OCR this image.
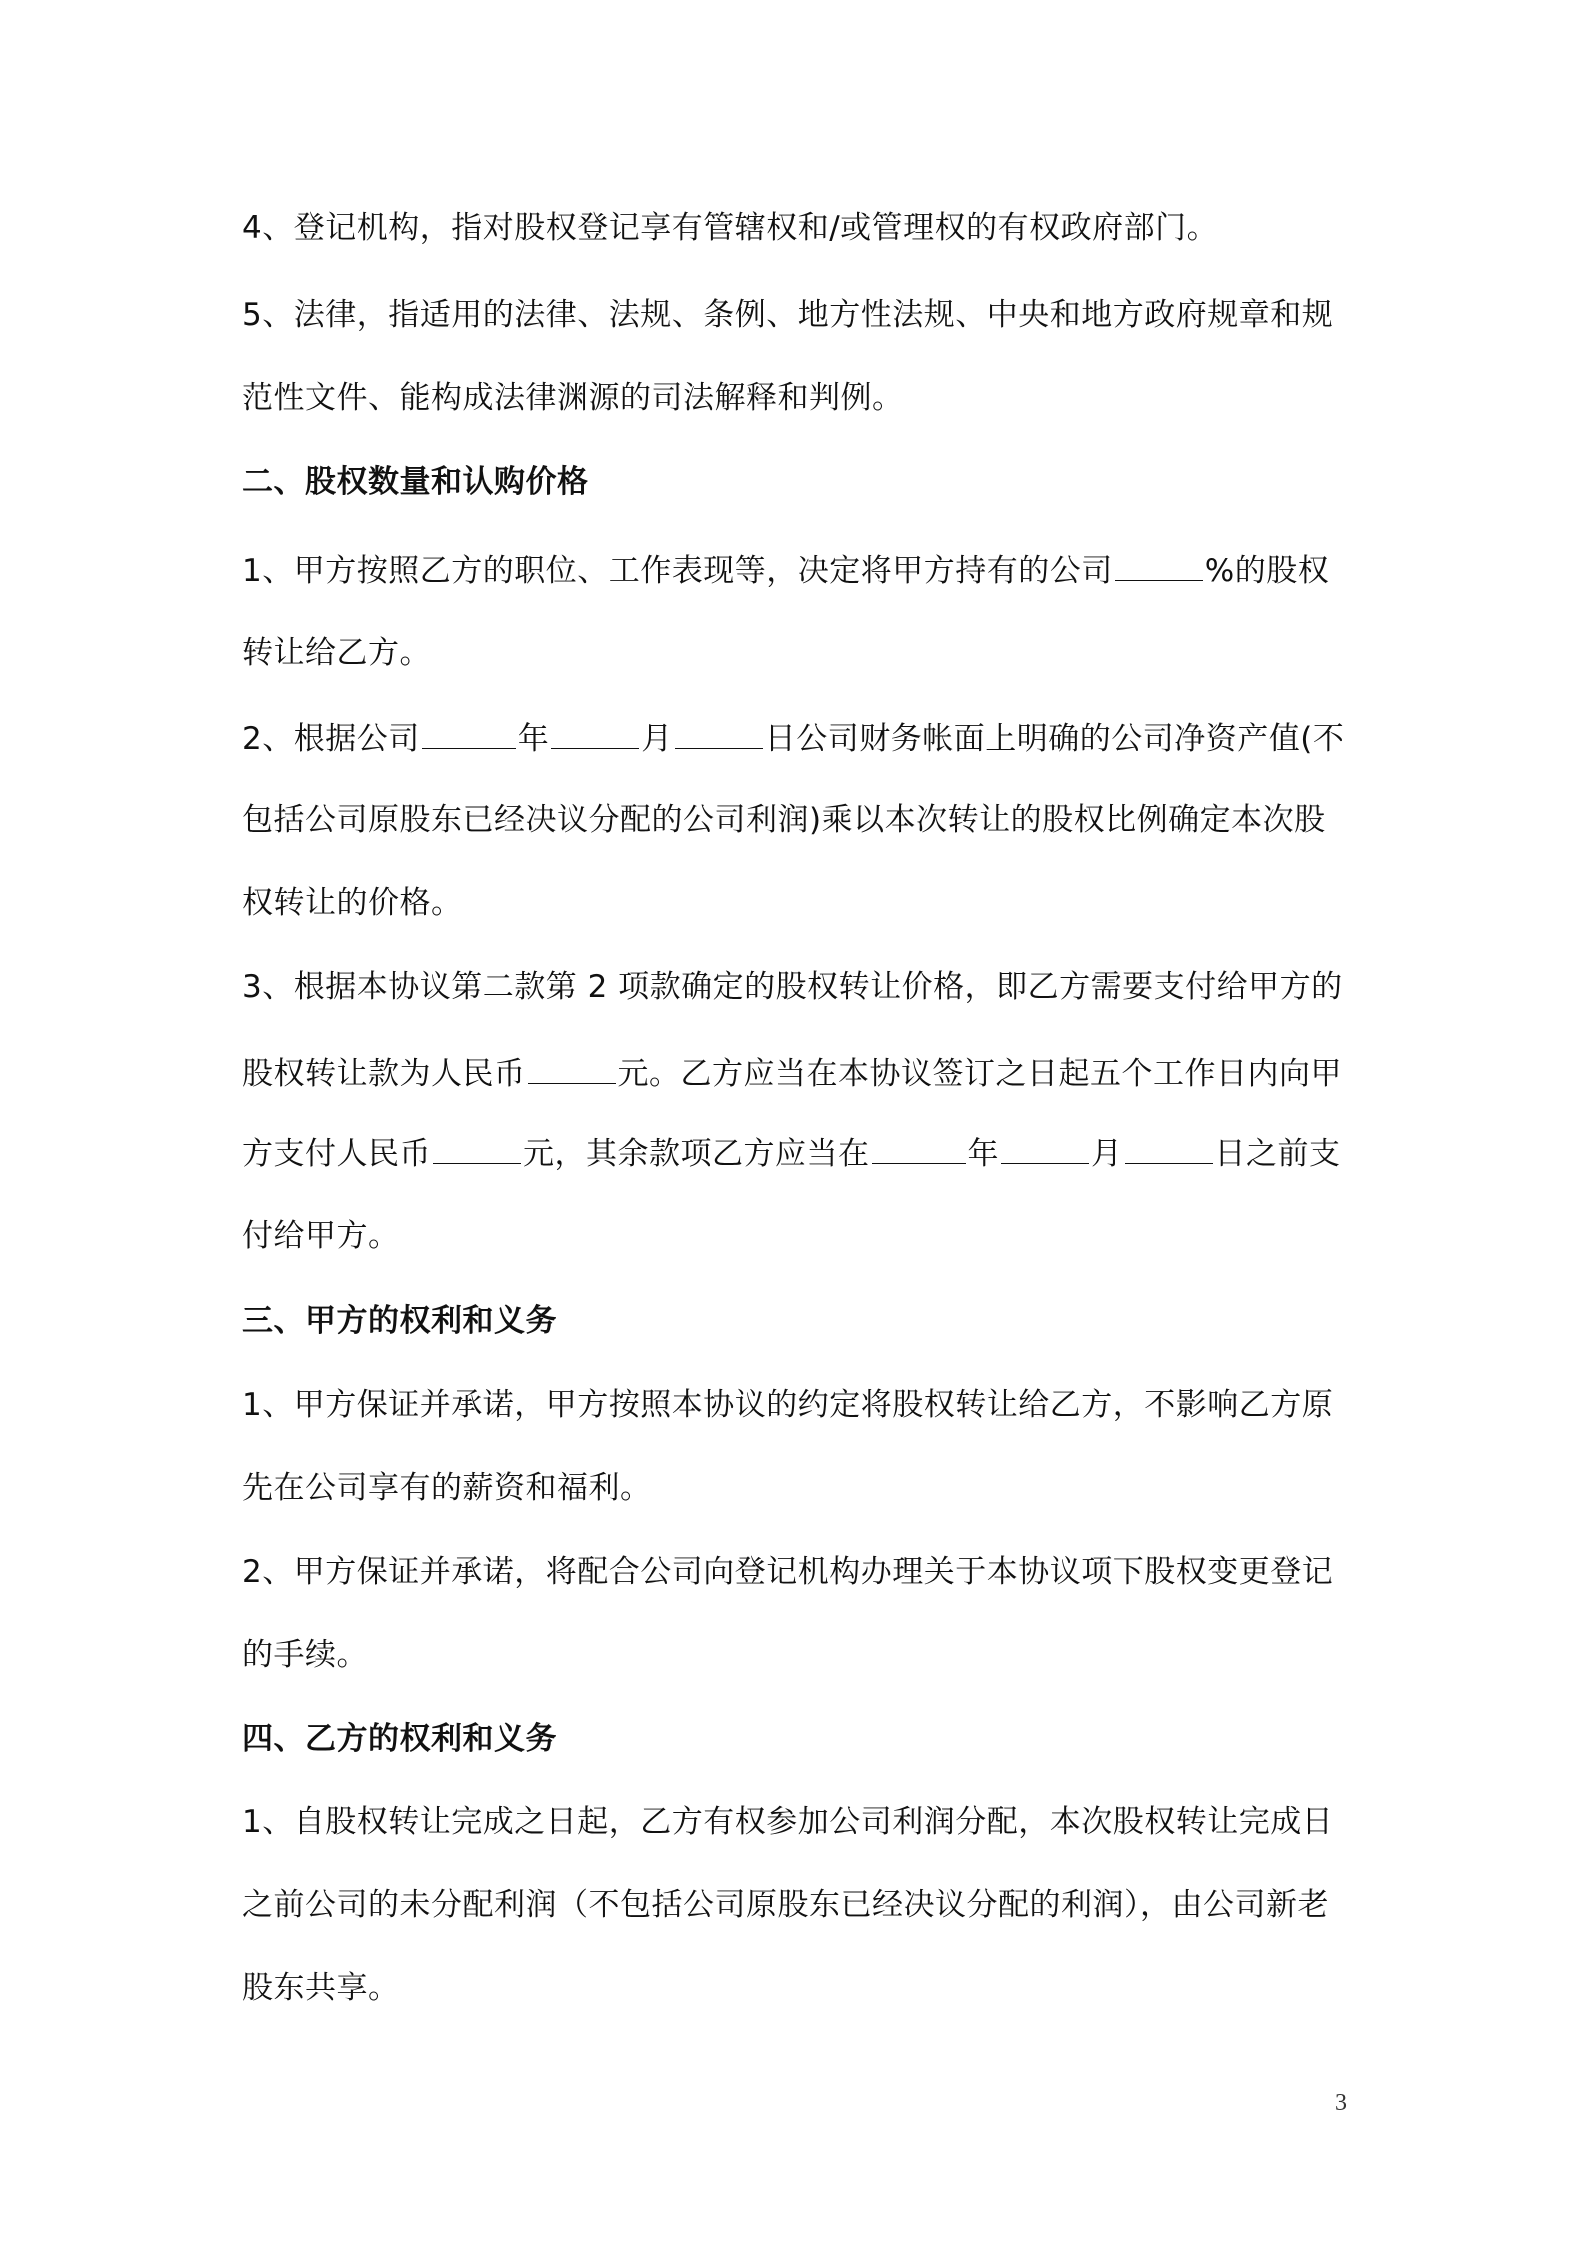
4、登记机构，指对股权登记享有管辖权和/或管理权的有权政府部门。
5、法律，指适用的法律、法规、条例、地方性法规、中央和地方政府规章和规
范性文件、能构成法律渊源的司法解释和判例。
二、股权数量和认购价格
1、甲方按照乙方的职位、工作表现等，决定将甲方持有的公司	%的股权
转让给乙方。
2、根据公司	年	月	日公司财务帐面上明确的公司净资产值(不
包括公司原股东已经决议分配的公司利润)乘以本次转让的股权比例确定本次股
权转让的价格。
3、根据本协议第二款第 2 项款确定的股权转让价格，即乙方需要支付给甲方的
股权转让款为人民币	元。乙方应当在本协议签订之日起五个工作日内向甲
方支付人民币	元，其余款项乙方应当在	年	月	日之前支
付给甲方。
三、甲方的权利和义务
1、甲方保证并承诺，甲方按照本协议的约定将股权转让给乙方，不影响乙方原
先在公司享有的薪资和福利。
2、甲方保证并承诺，将配合公司向登记机构办理关于本协议项下股权变更登记
的手续。
四、乙方的权利和义务
1、自股权转让完成之日起，乙方有权参加公司利润分配，本次股权转让完成日
之前公司的未分配利润（不包括公司原股东已经决议分配的利润），由公司新老
股东共享。
3
